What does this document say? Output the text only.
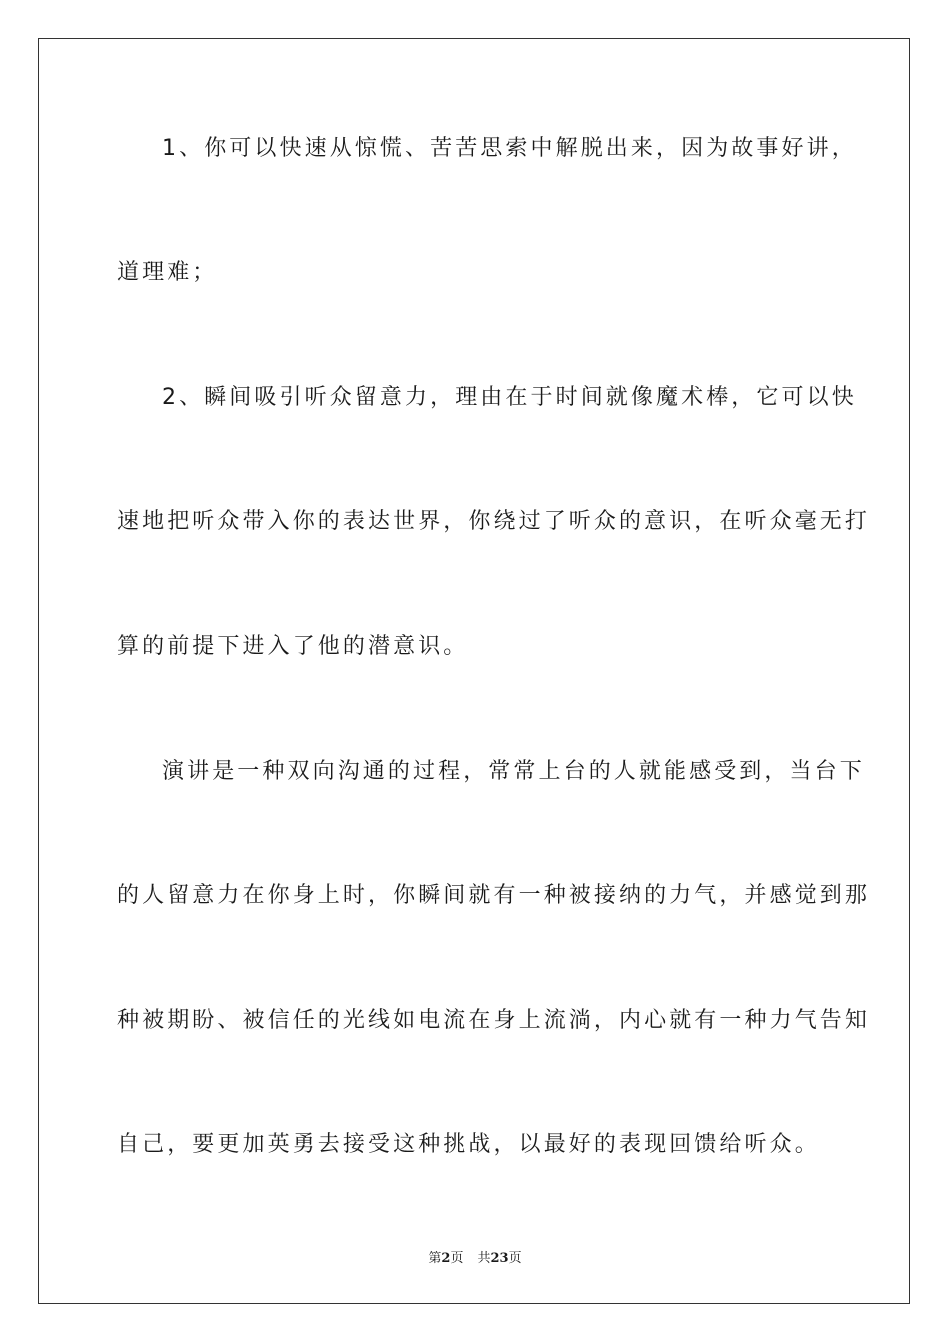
1、你可以快速从惊慌、苦苦思索中解脱出来，因为故事好讲，
道理难；
2、瞬间吸引听众留意力，理由在于时间就像魔术棒，它可以快
速地把听众带入你的表达世界，你绕过了听众的意识，在听众毫无打
算的前提下进入了他的潜意识。
演讲是一种双向沟通的过程，常常上台的人就能感受到，当台下
的人留意力在你身上时，你瞬间就有一种被接纳的力气，并感觉到那
种被期盼、被信任的光线如电流在身上流淌，内心就有一种力气告知
自己，要更加英勇去接受这种挑战，以最好的表现回馈给听众。
第2页 共23页
